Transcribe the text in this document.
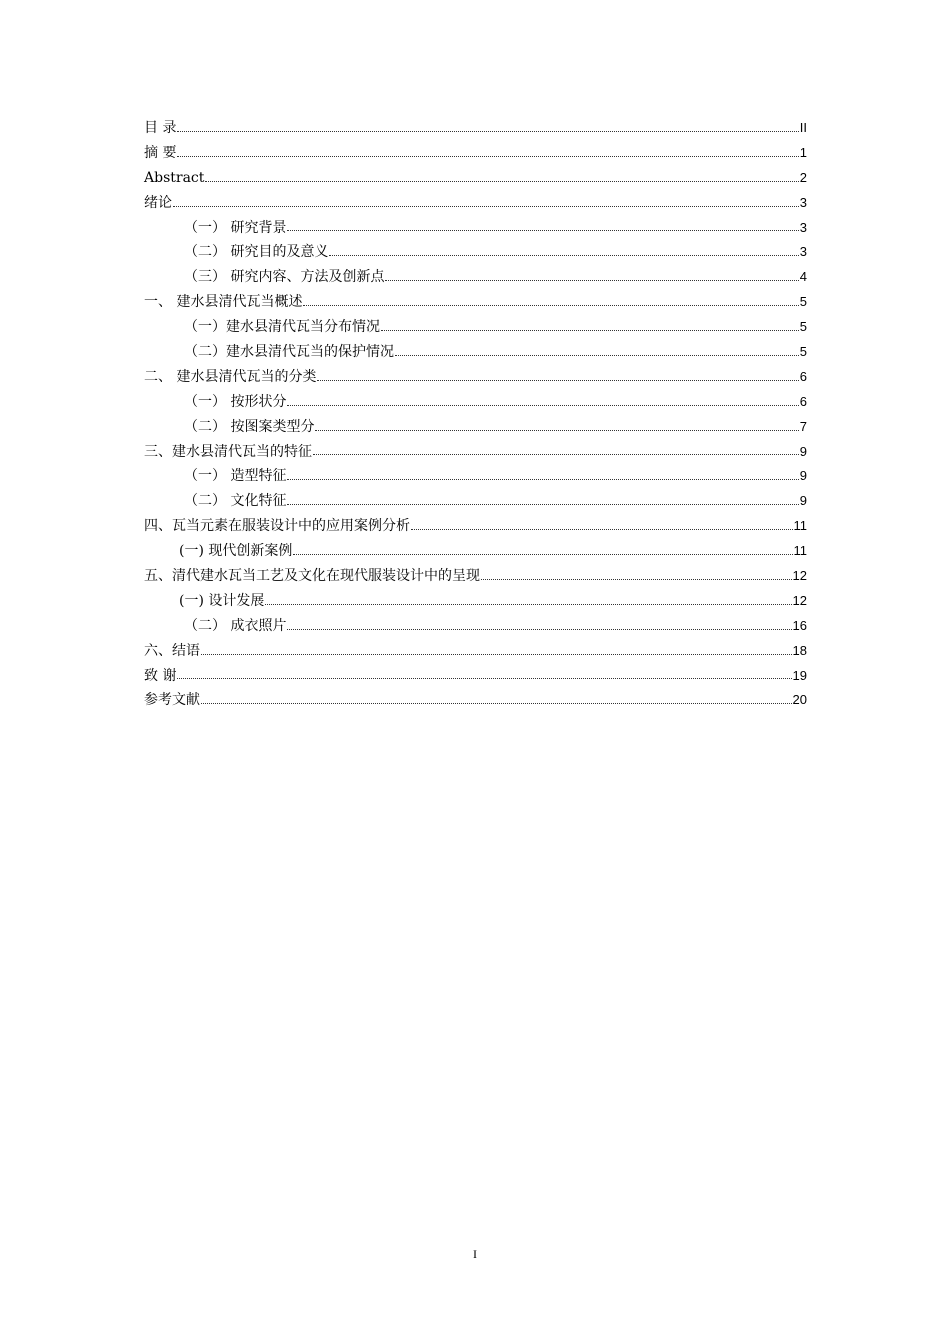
目 录	II
摘 要	1
Abstract	2
绪论	3
（一） 研究背景	3
（二） 研究目的及意义	3
（三） 研究内容、方法及创新点	4
一、 建水县清代瓦当概述	5
（一）建水县清代瓦当分布情况	5
（二）建水县清代瓦当的保护情况	5
二、 建水县清代瓦当的分类	6
（一） 按形状分	6
（二） 按图案类型分	7
三、建水县清代瓦当的特征	9
（一） 造型特征	9
（二） 文化特征	9
四、瓦当元素在服装设计中的应用案例分析	11
(一) 现代创新案例	11
五、清代建水瓦当工艺及文化在现代服装设计中的呈现	12
(一) 设计发展	12
（二） 成衣照片	16
六、结语	18
致 谢	19
参考文献	20
I
